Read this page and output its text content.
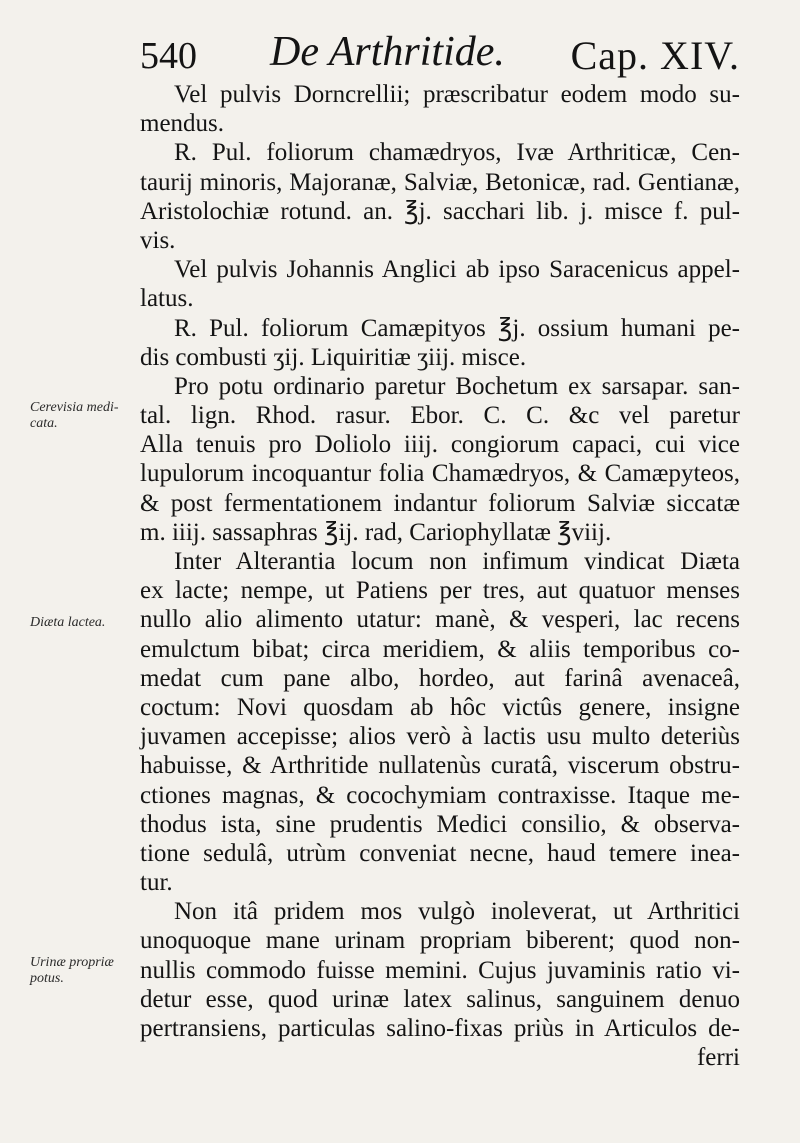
540 De Arthritide. Cap. XIV.
Cerevisia medi-
cata.
Diæta lactea.
Urinæ propriæ
potus.
Vel pulvis Dorncrellii; præscribatur eodem modo su-
mendus.
R. Pul. foliorum chamædryos, Ivæ Arthriticæ, Cen-
taurij minoris, Majoranæ, Salviæ, Betonicæ, rad. Gentianæ,
Aristolochiæ rotund. an. ℥j. sacchari lib. j. misce f. pul-
vis.
Vel pulvis Johannis Anglici ab ipso Saracenicus appel-
latus.
R. Pul. foliorum Camæpityos ℥j. ossium humani pe-
dis combusti ʒij. Liquiritiæ ʒiij. misce.
Pro potu ordinario paretur Bochetum ex sarsapar. san-
tal. lign. Rhod. rasur. Ebor. C. C. &c vel paretur
Alla tenuis pro Doliolo iiij. congiorum capaci, cui vice
lupulorum incoquantur folia Chamædryos, & Camæpyteos,
& post fermentationem indantur foliorum Salviæ siccatæ
m. iiij. sassaphras ℥ij. rad, Cariophyllatæ ℥viij.
Inter Alterantia locum non infimum vindicat Diæta
ex lacte; nempe, ut Patiens per tres, aut quatuor menses
nullo alio alimento utatur: manè, & vesperi, lac recens
emulctum bibat; circa meridiem, & aliis temporibus co-
medat cum pane albo, hordeo, aut farinâ avenaceâ,
coctum: Novi quosdam ab hôc victûs genere, insigne
juvamen accepisse; alios verò à lactis usu multo deteriùs
habuisse, & Arthritide nullatenùs curatâ, viscerum obstru-
ctiones magnas, & cocochymiam contraxisse. Itaque me-
thodus ista, sine prudentis Medici consilio, & observa-
tione sedulâ, utrùm conveniat necne, haud temere inea-
tur.
Non itâ pridem mos vulgò inoleverat, ut Arthritici
unoquoque mane urinam propriam biberent; quod non-
nullis commodo fuisse memini. Cujus juvaminis ratio vi-
detur esse, quod urinæ latex salinus, sanguinem denuo
pertransiens, particulas salino-fixas priùs in Articulos de-
ferri
